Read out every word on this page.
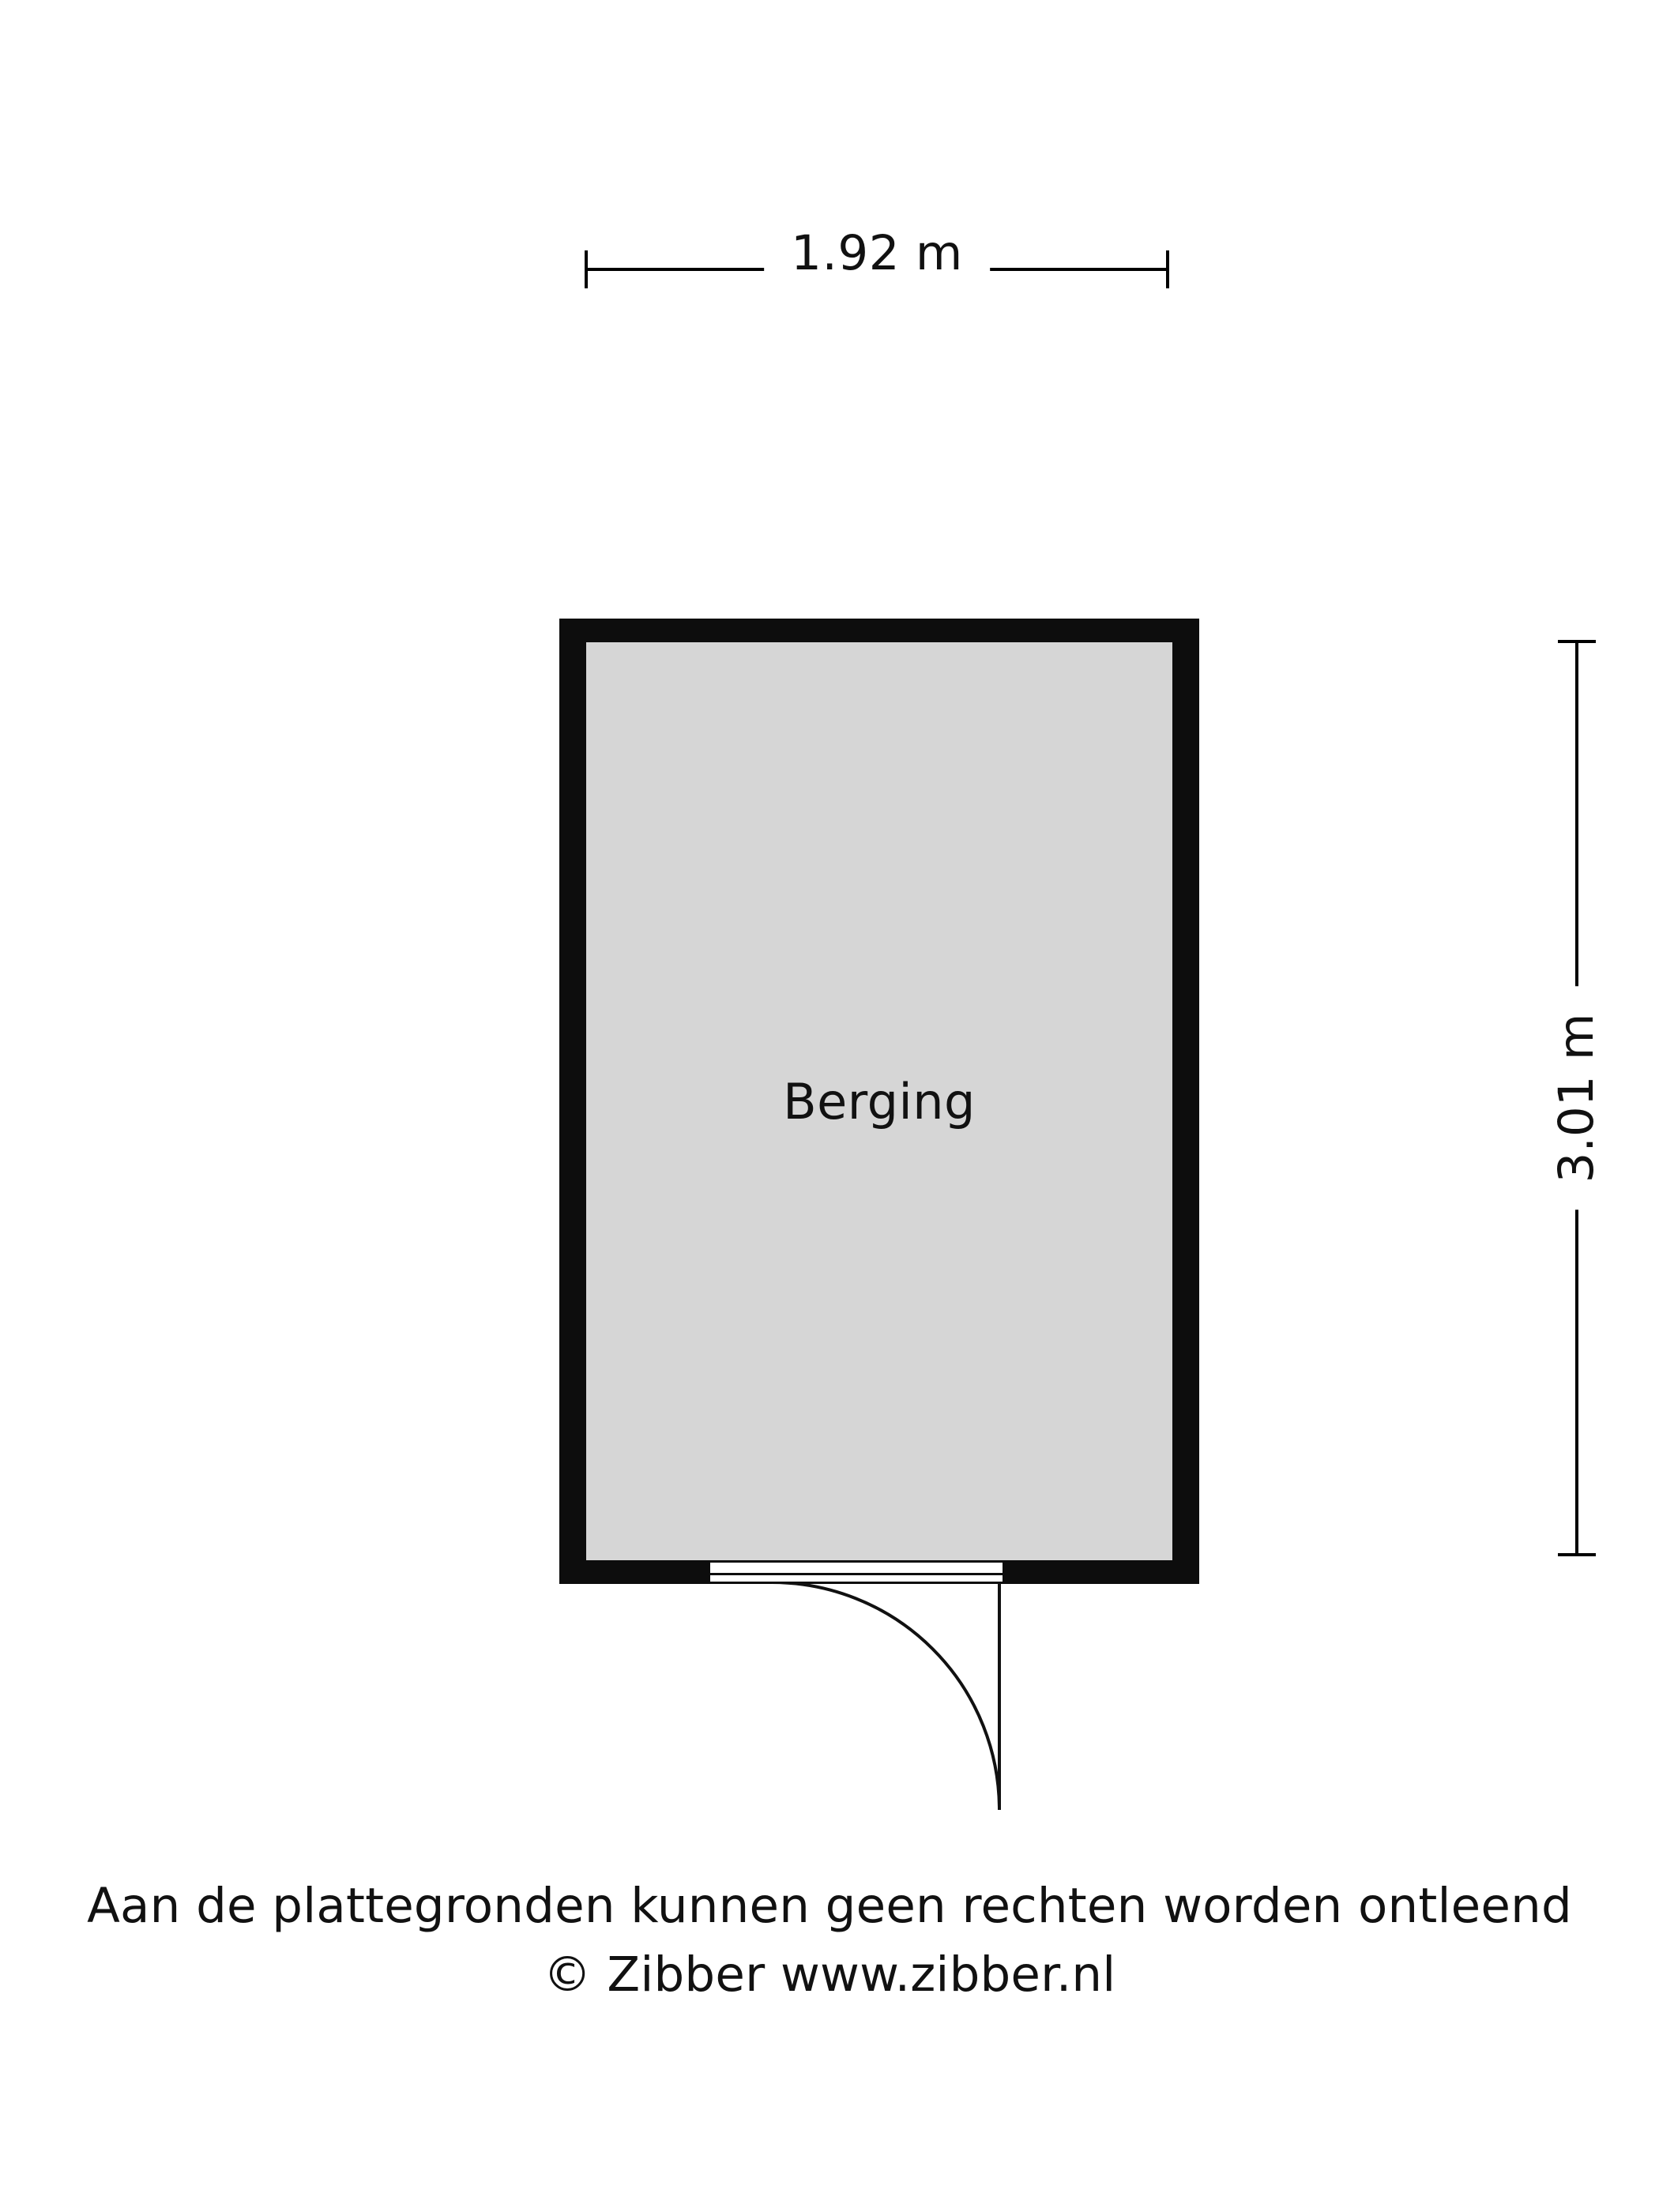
1.92 m
3.01 m
Berging
Aan de plattegronden kunnen geen rechten worden ontleend
© Zibber www.zibber.nl
